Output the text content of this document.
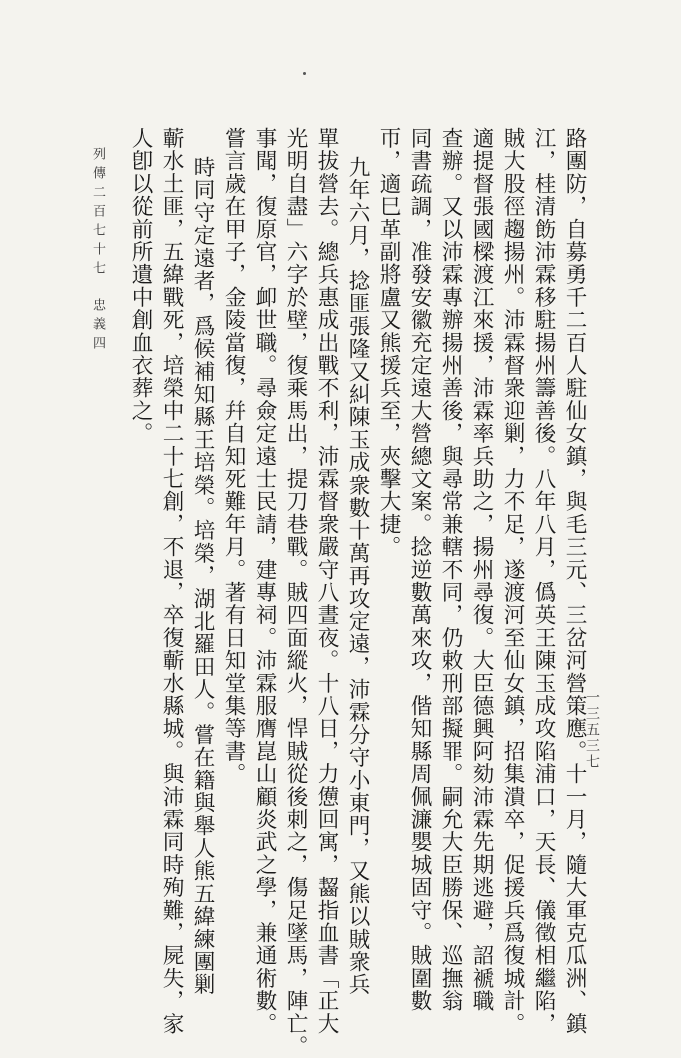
列傳二百七十七
忠義四
一三五三七
路團防，自募勇千二百人駐仙女鎮，與毛三元、三岔河營策應。十一月，隨大軍克瓜洲、鎮
江，桂清飭沛霖移駐揚州籌善後。八年八月，僞英王陳玉成攻陷浦口，天長、儀徵相繼陷，
賊大股徑趨揚州。沛霖督衆迎剿，力不足，遂渡河至仙女鎮，招集潰卒，促援兵爲復城計。
適提督張國樑渡江來援，沛霖率兵助之，揚州尋復。大臣德興阿劾沛霖先期逃避，詔褫職
查辦。又以沛霖專辦揚州善後，與尋常兼轄不同，仍敕刑部擬罪。嗣允大臣勝保、巡撫翁
同書疏調，准發安徽充定遠大營總文案。捻逆數萬來攻，偕知縣周佩濂嬰城固守。賊圍數
帀，適巳革副將盧又熊援兵至，夾擊大捷。
九年六月，捻匪張隆又糾陳玉成衆數十萬再攻定遠，沛霖分守小東門，又熊以賊衆兵
單拔營去。總兵惠成出戰不利，沛霖督衆嚴守八晝夜。十八日，力憊回寓，齧指血書「正大
光明自盡」六字於壁，復乘馬出，提刀巷戰。賊四面縱火，悍賊從後刺之，傷足墜馬，陣亡。
事聞，復原官，卹世職。尋僉定遠士民請，建專祠。沛霖服膺崑山顧炎武之學，兼通術數。
嘗言歲在甲子，金陵當復，幷自知死難年月。著有日知堂集等書。
時同守定遠者，爲候補知縣王培榮。培榮，湖北羅田人。嘗在籍與舉人熊五緯練團剿
蘄水土匪，五緯戰死，培榮中二十七創，不退，卒復蘄水縣城。與沛霖同時殉難，屍失，家
人卽以從前所遺中創血衣葬之。
